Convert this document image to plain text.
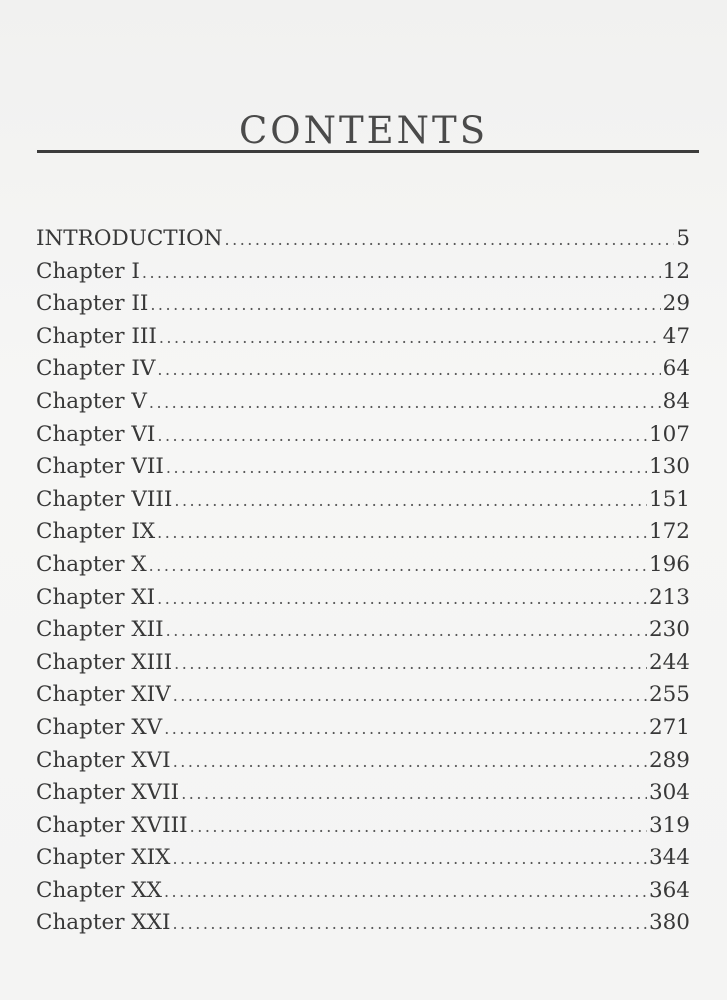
CONTENTS
INTRODUCTION .....	5
Chapter I .....	12
Chapter II .....	29
Chapter III .....	47
Chapter IV .....	64
Chapter V .....	84
Chapter VI .....	107
Chapter VII .....	130
Chapter VIII .....	151
Chapter IX .....	172
Chapter X .....	196
Chapter XI .....	213
Chapter XII .....	230
Chapter XIII .....	244
Chapter XIV .....	255
Chapter XV .....	271
Chapter XVI .....	289
Chapter XVII .....	304
Chapter XVIII .....	319
Chapter XIX .....	344
Chapter XX .....	364
Chapter XXI .....	380
